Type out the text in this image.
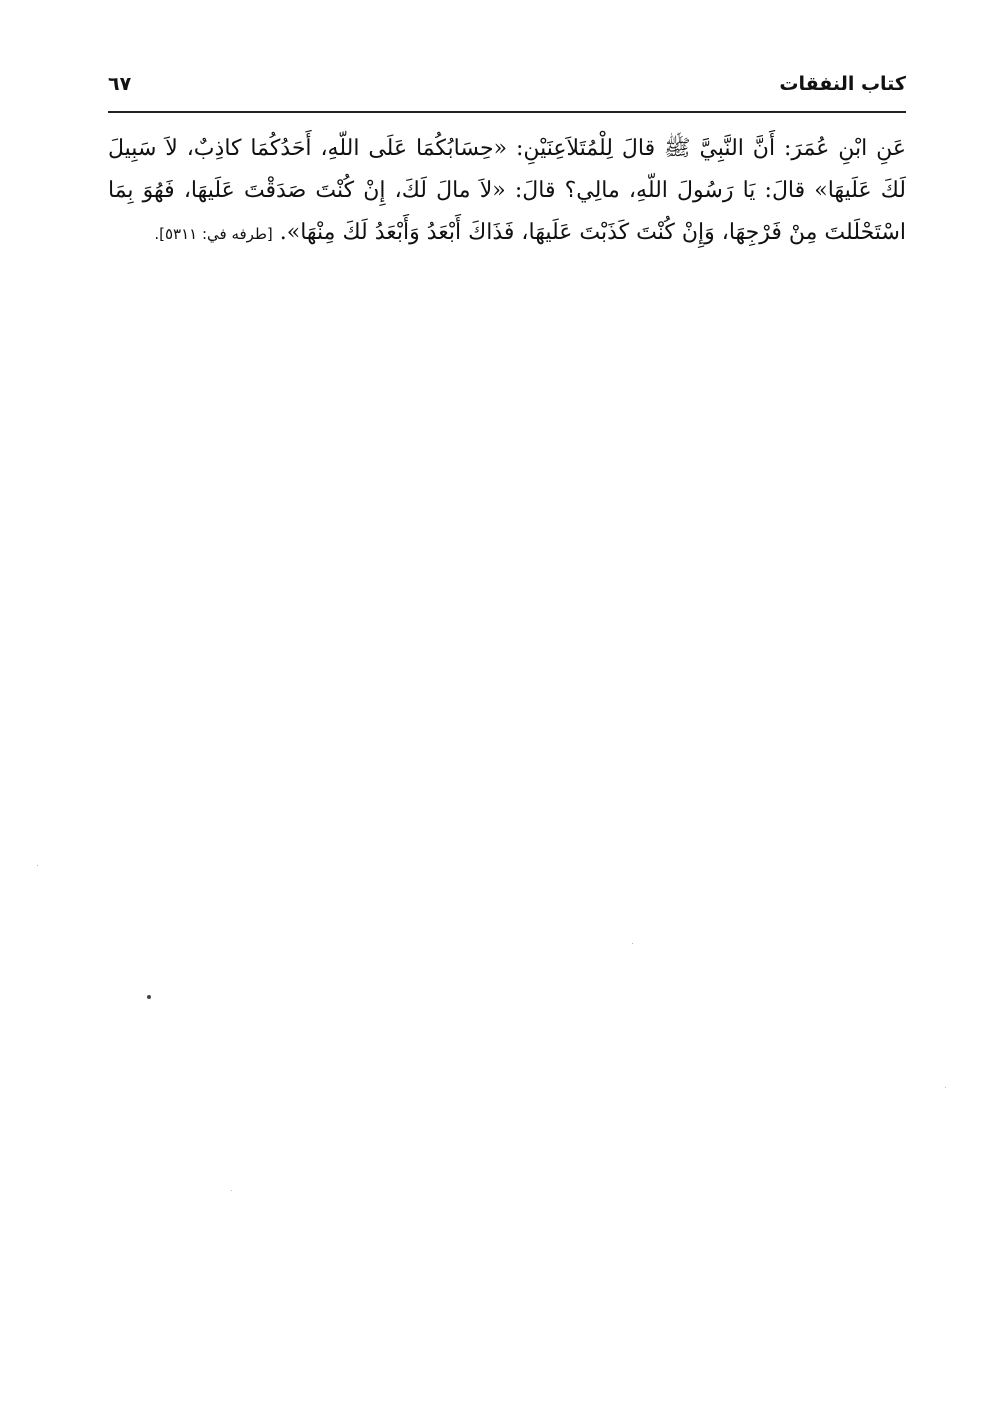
كتاب النفقات
٦٧
عَنِ ابْنِ عُمَرَ: أَنَّ النَّبِيَّ ﷺ قالَ لِلْمُتَلاَعِنَيْنِ: «حِسَابُكُمَا عَلَى اللّهِ، أَحَدُكُمَا كاذِبٌ، لاَ سَبِيلَ لَكَ عَلَيهَا» قالَ: يَا رَسُولَ اللّهِ، مالِي؟ قالَ: «لاَ مالَ لَكَ، إِنْ كُنْتَ صَدَقْتَ عَلَيهَا، فَهُوَ بِمَا اسْتَحْلَلتَ مِنْ فَرْجِهَا، وَإِنْ كُنْتَ كَذَبْتَ عَلَيهَا، فَذَاكَ أَبْعَدُ وَأَبْعَدُ لَكَ مِنْهَا». [طرفه في: ٥٣١١].
